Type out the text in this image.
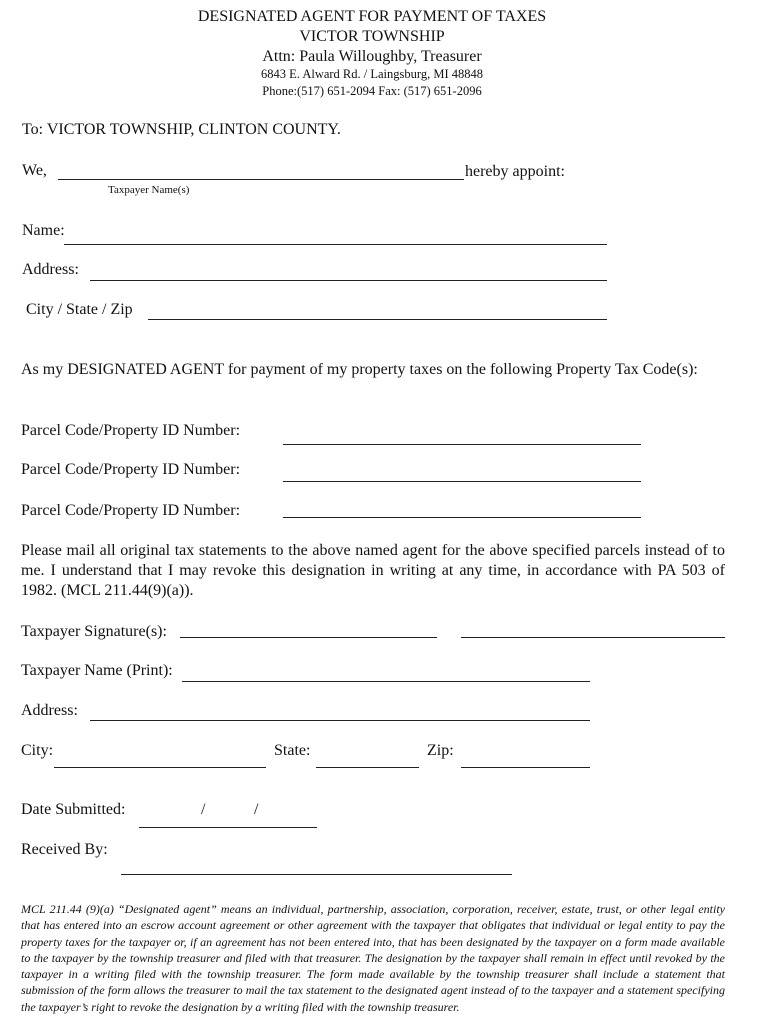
DESIGNATED AGENT FOR PAYMENT OF TAXES
VICTOR TOWNSHIP
Attn: Paula Willoughby, Treasurer
6843 E. Alward Rd. / Laingsburg, MI 48848
Phone:(517) 651-2094 Fax: (517) 651-2096
To: VICTOR TOWNSHIP, CLINTON COUNTY.
We,	hereby appoint:
Taxpayer Name(s)
Name:
Address:
City / State / Zip
As my DESIGNATED AGENT for payment of my property taxes on the following Property Tax Code(s):
Parcel Code/Property ID Number:
Parcel Code/Property ID Number:
Parcel Code/Property ID Number:
Please mail all original tax statements to the above named agent for the above specified parcels instead of to me. I understand that I may revoke this designation in writing at any time, in accordance with PA 503 of 1982. (MCL 211.44(9)(a)).
Taxpayer Signature(s):
Taxpayer Name (Print):
Address:
City:	State:	Zip:
Date Submitted:	/	/
Received By:
MCL 211.44 (9)(a) “Designated agent” means an individual, partnership, association, corporation, receiver, estate, trust, or other legal entity that has entered into an escrow account agreement or other agreement with the taxpayer that obligates that individual or legal entity to pay the property taxes for the taxpayer or, if an agreement has not been entered into, that has been designated by the taxpayer on a form made available to the taxpayer by the township treasurer and filed with that treasurer. The designation by the taxpayer shall remain in effect until revoked by the taxpayer in a writing filed with the township treasurer. The form made available by the township treasurer shall include a statement that submission of the form allows the treasurer to mail the tax statement to the designated agent instead of to the taxpayer and a statement specifying the taxpayer’s right to revoke the designation by a writing filed with the township treasurer.
